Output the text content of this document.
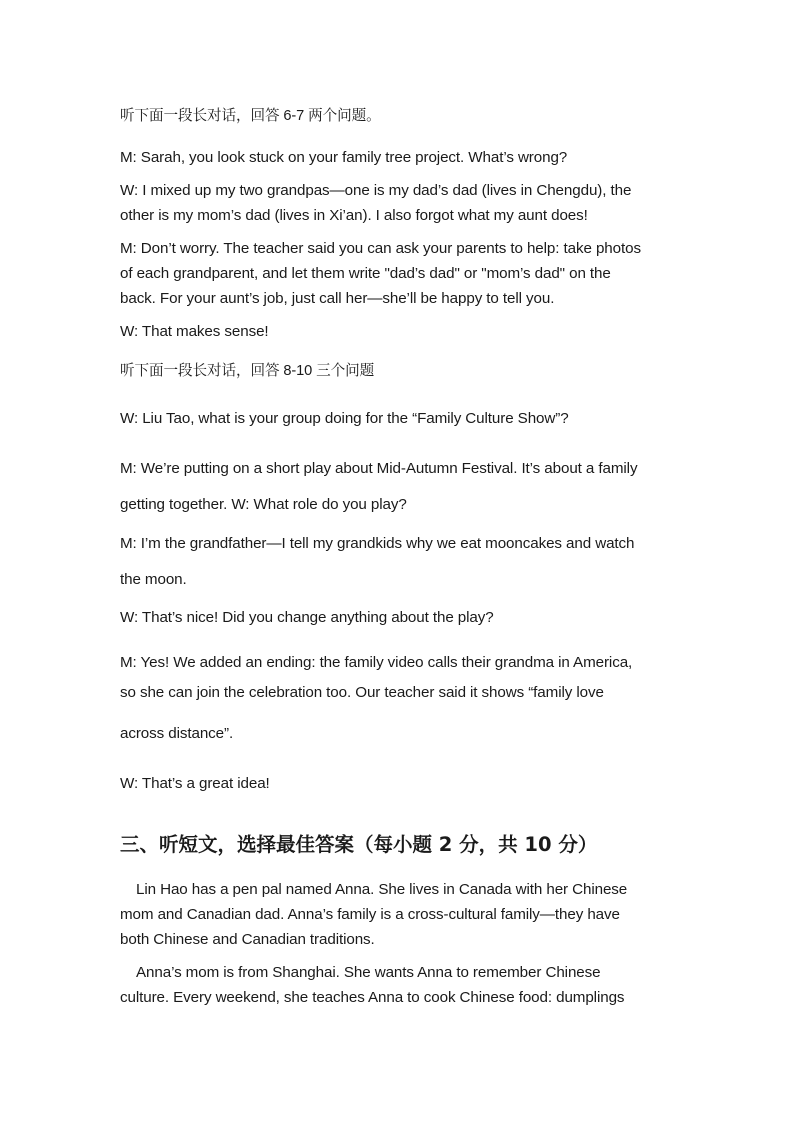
听下面一段长对话，回答 6-7 两个问题。

M: Sarah, you look stuck on your family tree project. What’s wrong?

W: I mixed up my two grandpas—one is my dad’s dad (lives in Chengdu), the

other is my mom’s dad (lives in Xi’an). I also forgot what my aunt does!

M: Don’t worry. The teacher said you can ask your parents to help: take photos

of each grandparent, and let them write "dad’s dad" or "mom’s dad" on the

back. For your aunt’s job, just call her—she’ll be happy to tell you.

W: That makes sense!

听下面一段长对话，回答 8-10 三个问题

W: Liu Tao, what is your group doing for the “Family Culture Show”?

M: We’re putting on a short play about Mid-Autumn Festival. It’s about a family

getting together. W: What role do you play?

M: I’m the grandfather—I tell my grandkids why we eat mooncakes and watch

the moon.

W: That’s nice! Did you change anything about the play?

M: Yes! We added an ending: the family video calls their grandma in America,

so she can join the celebration too. Our teacher said it shows “family love

across distance”.

W: That’s a great idea!

三、听短文，选择最佳答案（每小题 2 分，共 10 分）

Lin Hao has a pen pal named Anna. She lives in Canada with her Chinese

mom and Canadian dad. Anna’s family is a cross-cultural family—they have

both Chinese and Canadian traditions.

Anna’s mom is from Shanghai. She wants Anna to remember Chinese

culture. Every weekend, she teaches Anna to cook Chinese food: dumplings
